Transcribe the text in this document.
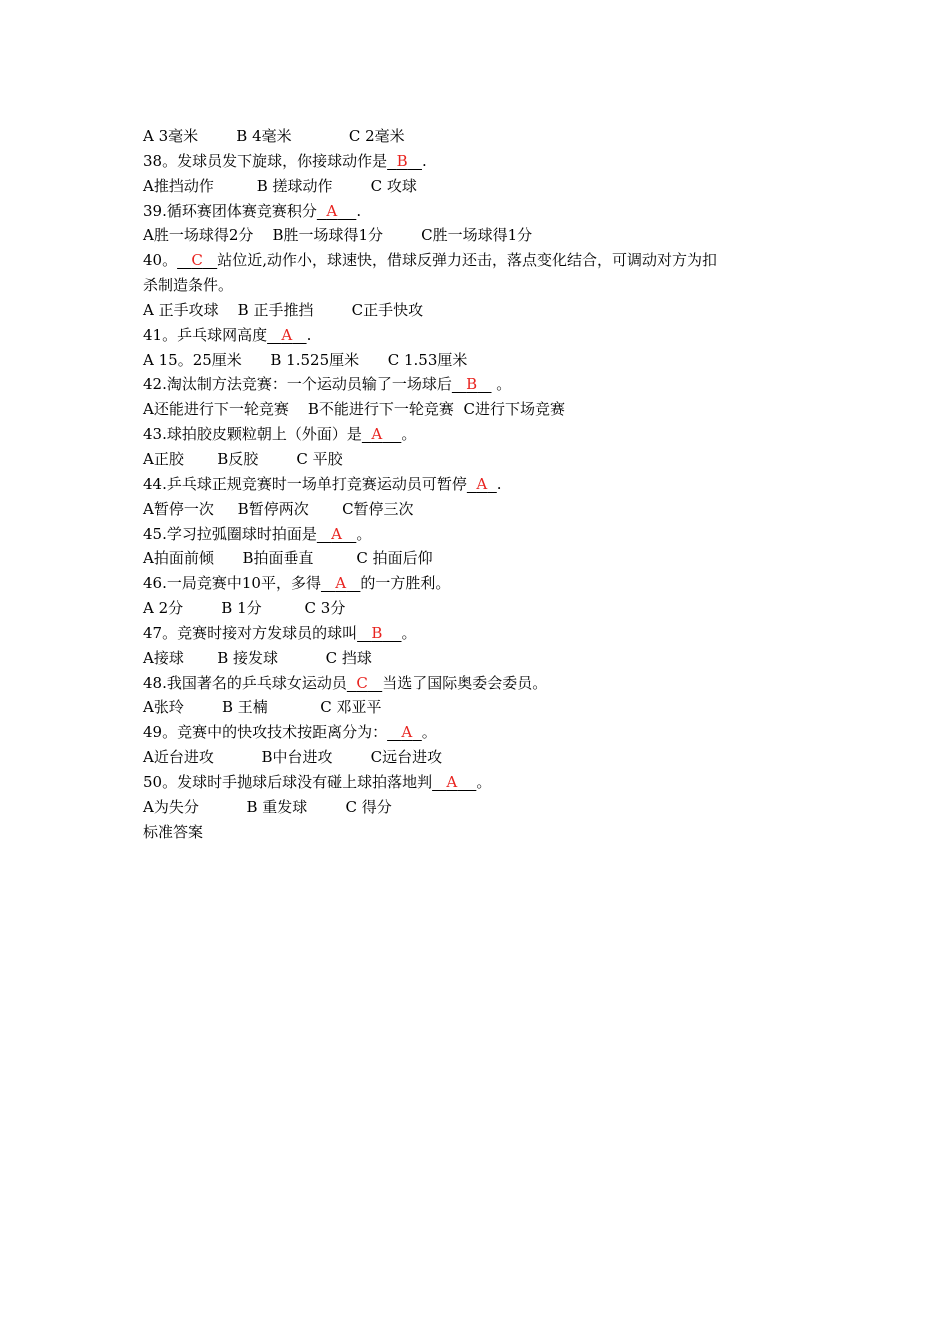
A 3毫米        B 4毫米            C 2毫米
38。发球员发下旋球，你接球动作是 B .
A推挡动作         B 搓球动作        C 攻球
39.循环赛团体赛竞赛积分 A .
A胜一场球得2分    B胜一场球得1分        C胜一场球得1分
40。 C 站位近,动作小，球速快，借球反弹力还击，落点变化结合，可调动对方为扣
杀制造条件。
A 正手攻球    B 正手推挡        C正手快攻
41。乒乓球网高度 A .
A 15。25厘米      B 1.525厘米      C 1.53厘米
42.淘汰制方法竞赛：一个运动员输了一场球后 B    。
A还能进行下一轮竞赛    B不能进行下一轮竞赛  C进行下场竞赛
43.球拍胶皮颗粒朝上（外面）是 A 。
A正胶       B反胶        C 平胶
44.乒乓球正规竞赛时一场单打竞赛运动员可暂停 A .
A暂停一次     B暂停两次       C暂停三次
45.学习拉弧圈球时拍面是 A 。
A拍面前倾      B拍面垂直         C 拍面后仰
46.一局竞赛中10平，多得 A 的一方胜利。
A 2分        B 1分         C 3分
47。竞赛时接对方发球员的球叫 B 。
A接球       B 接发球          C 挡球
48.我国著名的乒乓球女运动员 C 当选了国际奥委会委员。
A张玲        B 王楠           C 邓亚平
49。竞赛中的快攻技术按距离分为： A 。
A近台进攻          B中台进攻        C远台进攻
50。发球时手抛球后球没有碰上球拍落地判 A 。
A为失分          B 重发球        C 得分
标准答案
